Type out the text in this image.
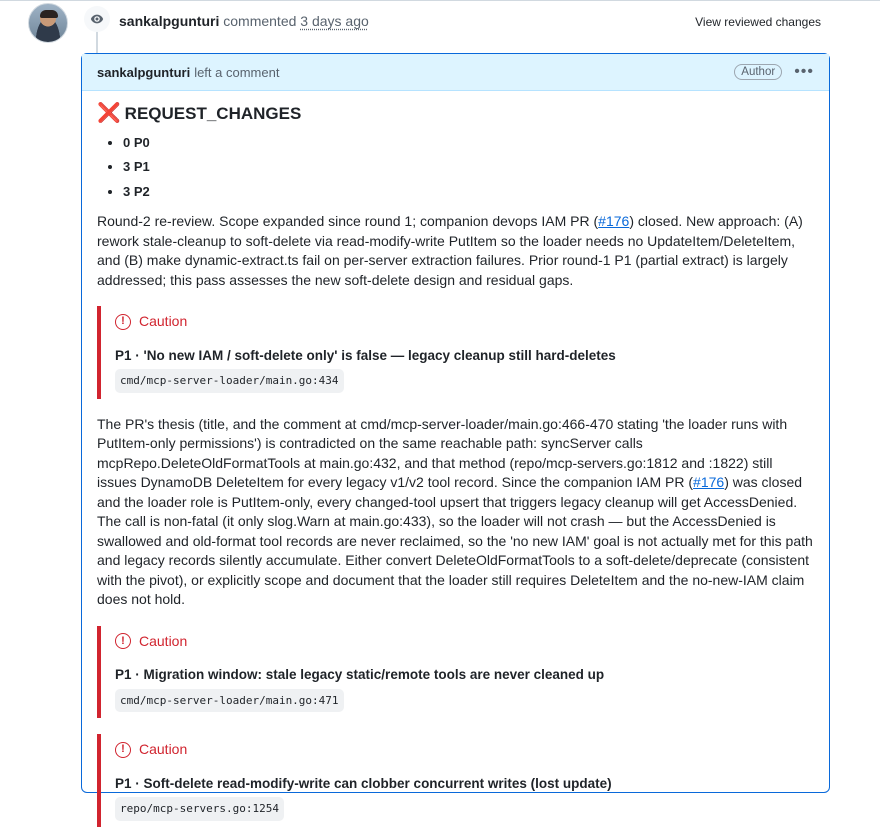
sankalpgunturi commented 3 days ago	View reviewed changes
sankalpgunturi left a comment	Author	•••
❌ REQUEST_CHANGES
• 0 P0
• 3 P1
• 3 P2

Round-2 re-review. Scope expanded since round 1; companion devops IAM PR (#176) closed. New approach: (A) rework stale-cleanup to soft-delete via read-modify-write PutItem so the loader needs no UpdateItem/DeleteItem, and (B) make dynamic-extract.ts fail on per-server extraction failures. Prior round-1 P1 (partial extract) is largely addressed; this pass assesses the new soft-delete design and residual gaps.

!	Caution
P1 · 'No new IAM / soft-delete only' is false — legacy cleanup still hard-deletes
cmd/mcp-server-loader/main.go:434

The PR's thesis (title, and the comment at cmd/mcp-server-loader/main.go:466-470 stating 'the loader runs with PutItem-only permissions') is contradicted on the same reachable path: syncServer calls mcpRepo.DeleteOldFormatTools at main.go:432, and that method (repo/mcp-servers.go:1812 and :1822) still issues DynamoDB DeleteItem for every legacy v1/v2 tool record. Since the companion IAM PR (#176) was closed and the loader role is PutItem-only, every changed-tool upsert that triggers legacy cleanup will get AccessDenied. The call is non-fatal (it only slog.Warn at main.go:433), so the loader will not crash — but the AccessDenied is swallowed and old-format tool records are never reclaimed, so the 'no new IAM' goal is not actually met for this path and legacy records silently accumulate. Either convert DeleteOldFormatTools to a soft-delete/deprecate (consistent with the pivot), or explicitly scope and document that the loader still requires DeleteItem and the no-new-IAM claim does not hold.

!	Caution
P1 · Migration window: stale legacy static/remote tools are never cleaned up
cmd/mcp-server-loader/main.go:471
!	Caution
P1 · Soft-delete read-modify-write can clobber concurrent writes (lost update)
repo/mcp-servers.go:1254
